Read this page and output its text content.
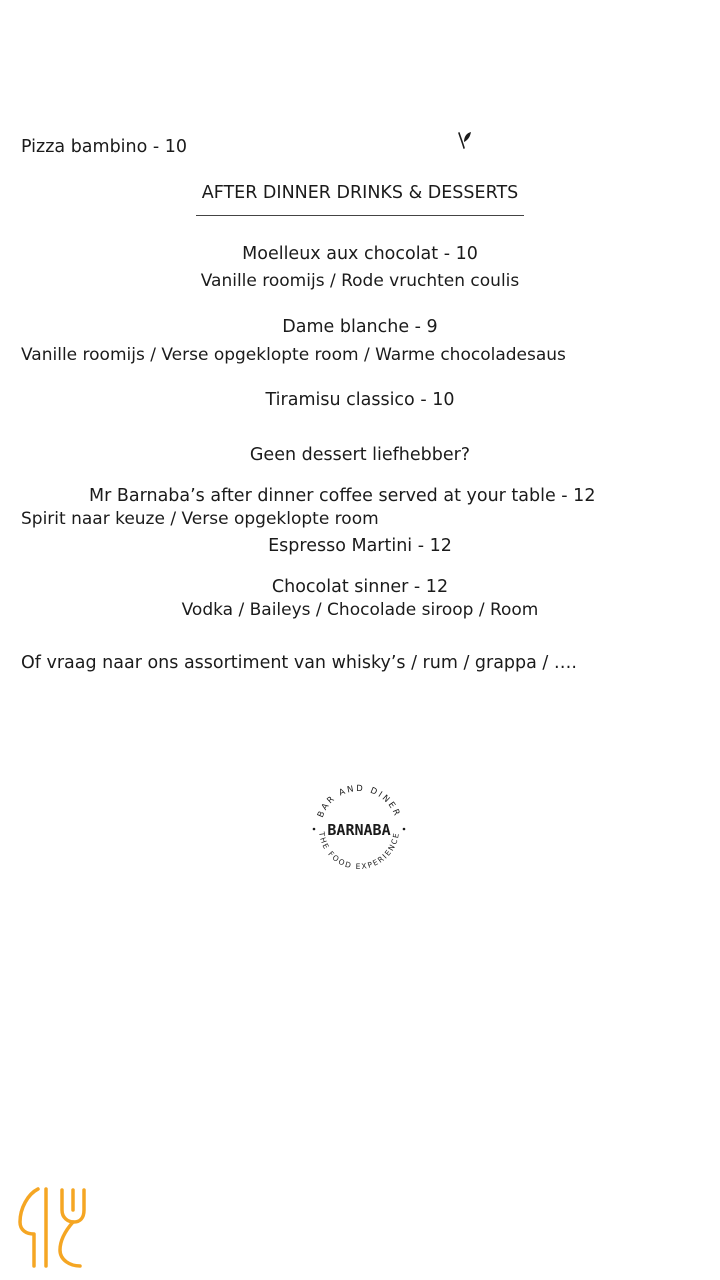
Pizza bambino - 10
AFTER DINNER DRINKS & DESSERTS
Moelleux aux chocolat - 10
Vanille roomijs / Rode vruchten coulis
Dame blanche - 9
Vanille roomijs / Verse opgeklopte room / Warme chocoladesaus
Tiramisu classico - 10
Geen dessert liefhebber?
Mr Barnaba’s after dinner coffee served at your table - 12
Spirit naar keuze / Verse opgeklopte room
Espresso Martini - 12
Chocolat sinner - 12
Vodka / Baileys / Chocolade siroop / Room
Of vraag naar ons assortiment van whisky’s / rum / grappa / ….
BAR AND DINER
THE FOOD EXPERIENCE
BARNABA
